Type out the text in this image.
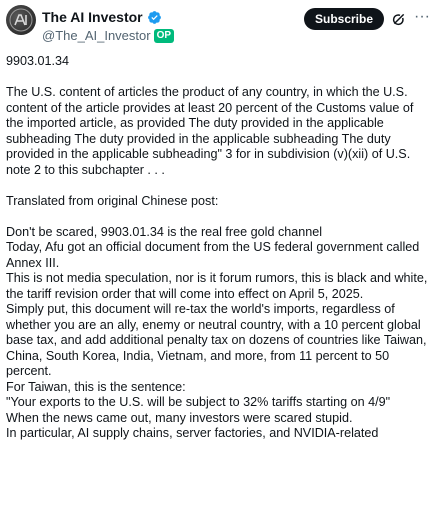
The AI Investor
@The_AI_Investor OP
Subscribe	···

9903.01.34

The U.S. content of articles the product of any country, in which the U.S. content of the article provides at least 20 percent of the Customs value of the imported article, as provided The duty provided in the applicable subheading The duty provided in the applicable subheading The duty provided in the applicable subheading" 3 for in subdivision (v)(xii) of U.S. note 2 to this subchapter . . .

Translated from original Chinese post:

Don't be scared, 9903.01.34 is the real free gold channel

Today, Afu got an official document from the US federal government called Annex III.

This is not media speculation, nor is it forum rumors, this is black and white, the tariff revision order that will come into effect on April 5, 2025.

Simply put, this document will re-tax the world's imports, regardless of whether you are an ally, enemy or neutral country, with a 10 percent global base tax, and add additional penalty tax on dozens of countries like Taiwan, China, South Korea, India, Vietnam, and more, from 11 percent to 50 percent.

For Taiwan, this is the sentence:

"Your exports to the U.S. will be subject to 32% tariffs starting on 4/9"

When the news came out, many investors were scared stupid.

In particular, AI supply chains, server factories, and NVIDIA-related
